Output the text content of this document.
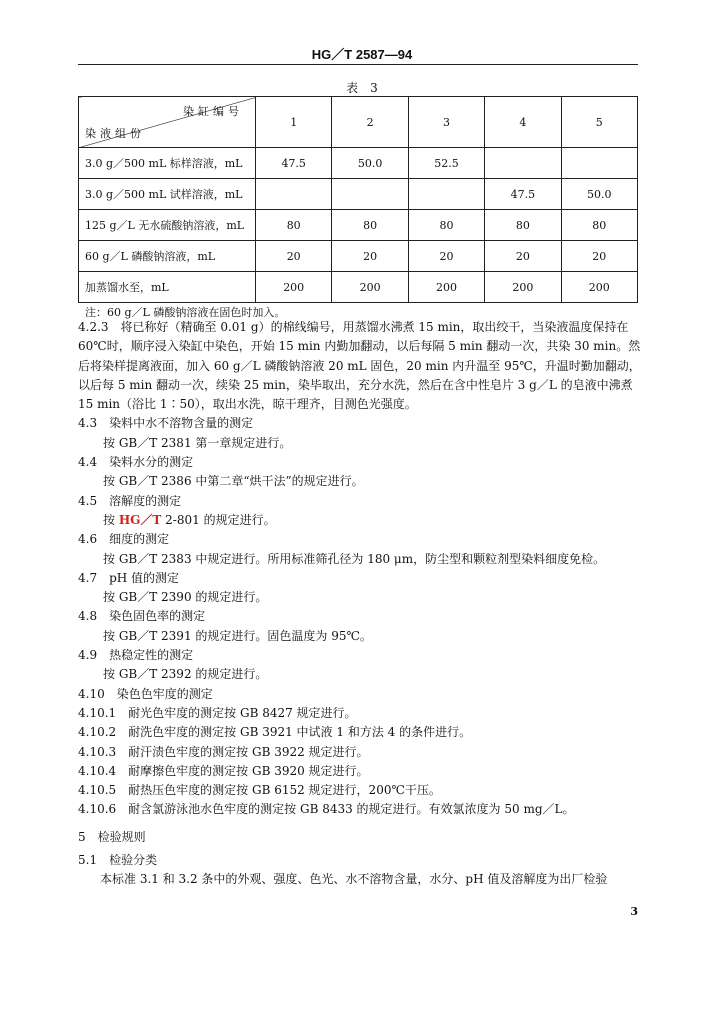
HG／T 2587—94
表　3
染缸编号
染液组份	1	2	3	4	5
3.0 g／500 mL 标样溶液，mL	47.5	50.0	52.5		
3.0 g／500 mL 试样溶液，mL				47.5	50.0
125 g／L 无水硫酸钠溶液，mL	80	80	80	80	80
60 g／L 磷酸钠溶液，mL	20	20	20	20	20
加蒸馏水至，mL	200	200	200	200	200
注：60 g／L 磷酸钠溶液在固色时加入。

4.2.3　将已称好（精确至 0.01 g）的棉线编号，用蒸馏水沸煮 15 min，取出绞干，当染液温度保持在

60℃时，顺序浸入染缸中染色，开始 15 min 内勤加翻动，以后每隔 5 min 翻动一次，共染 30 min。然

后将染样提离液面，加入 60 g／L 磷酸钠溶液 20 mL 固色，20 min 内升温至 95℃，升温时勤加翻动，

以后每 5 min 翻动一次，续染 25 min，染毕取出，充分水洗，然后在含中性皂片 3 g／L 的皂液中沸煮

15 min（浴比 1∶50），取出水洗，晾干理齐，目测色光强度。

4.3　染料中水不溶物含量的测定

按 GB／T 2381 第一章规定进行。

4.4　染料水分的测定

按 GB／T 2386 中第二章“烘干法”的规定进行。

4.5　溶解度的测定

按 HG／T 2-801 的规定进行。

4.6　细度的测定

按 GB／T 2383 中规定进行。所用标准筛孔径为 180 μm，防尘型和颗粒剂型染料细度免检。

4.7　pH 值的测定

按 GB／T 2390 的规定进行。

4.8　染色固色率的测定

按 GB／T 2391 的规定进行。固色温度为 95℃。

4.9　热稳定性的测定

按 GB／T 2392 的规定进行。

4.10　染色色牢度的测定

4.10.1　耐光色牢度的测定按 GB 8427 规定进行。

4.10.2　耐洗色牢度的测定按 GB 3921 中试液 1 和方法 4 的条件进行。

4.10.3　耐汗渍色牢度的测定按 GB 3922 规定进行。

4.10.4　耐摩擦色牢度的测定按 GB 3920 规定进行。

4.10.5　耐热压色牢度的测定按 GB 6152 规定进行，200℃干压。

4.10.6　耐含氯游泳池水色牢度的测定按 GB 8433 的规定进行。有效氯浓度为 50 mg／L。

5　检验规则

5.1　检验分类

本标准 3.1 和 3.2 条中的外观、强度、色光、水不溶物含量，水分、pH 值及溶解度为出厂检验

3
